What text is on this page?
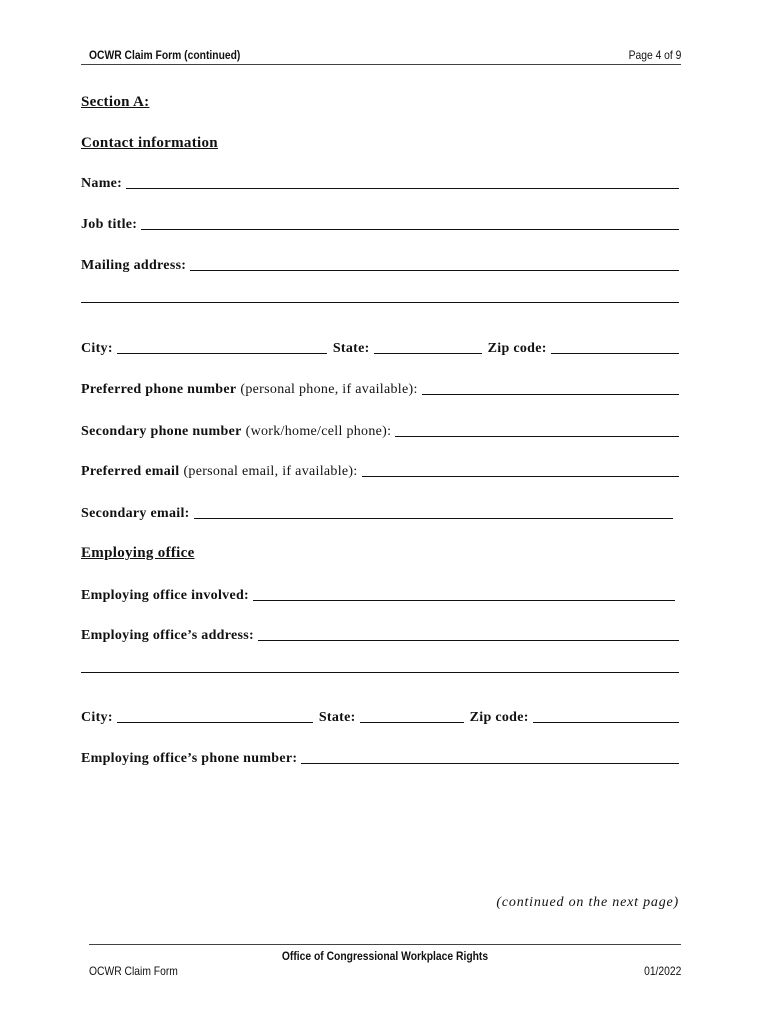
OCWR Claim Form (continued)	Page 4 of 9
Section A:
Contact information
Name:
Job title:
Mailing address:
City:	State:	Zip code:
Preferred phone number (personal phone, if available):
Secondary phone number (work/home/cell phone):
Preferred email (personal email, if available):
Secondary email:
Employing office
Employing office involved:
Employing office’s address:
City:	State:	Zip code:
Employing office’s phone number:
(continued on the next page)
Office of Congressional Workplace Rights
OCWR Claim Form	01/2022
